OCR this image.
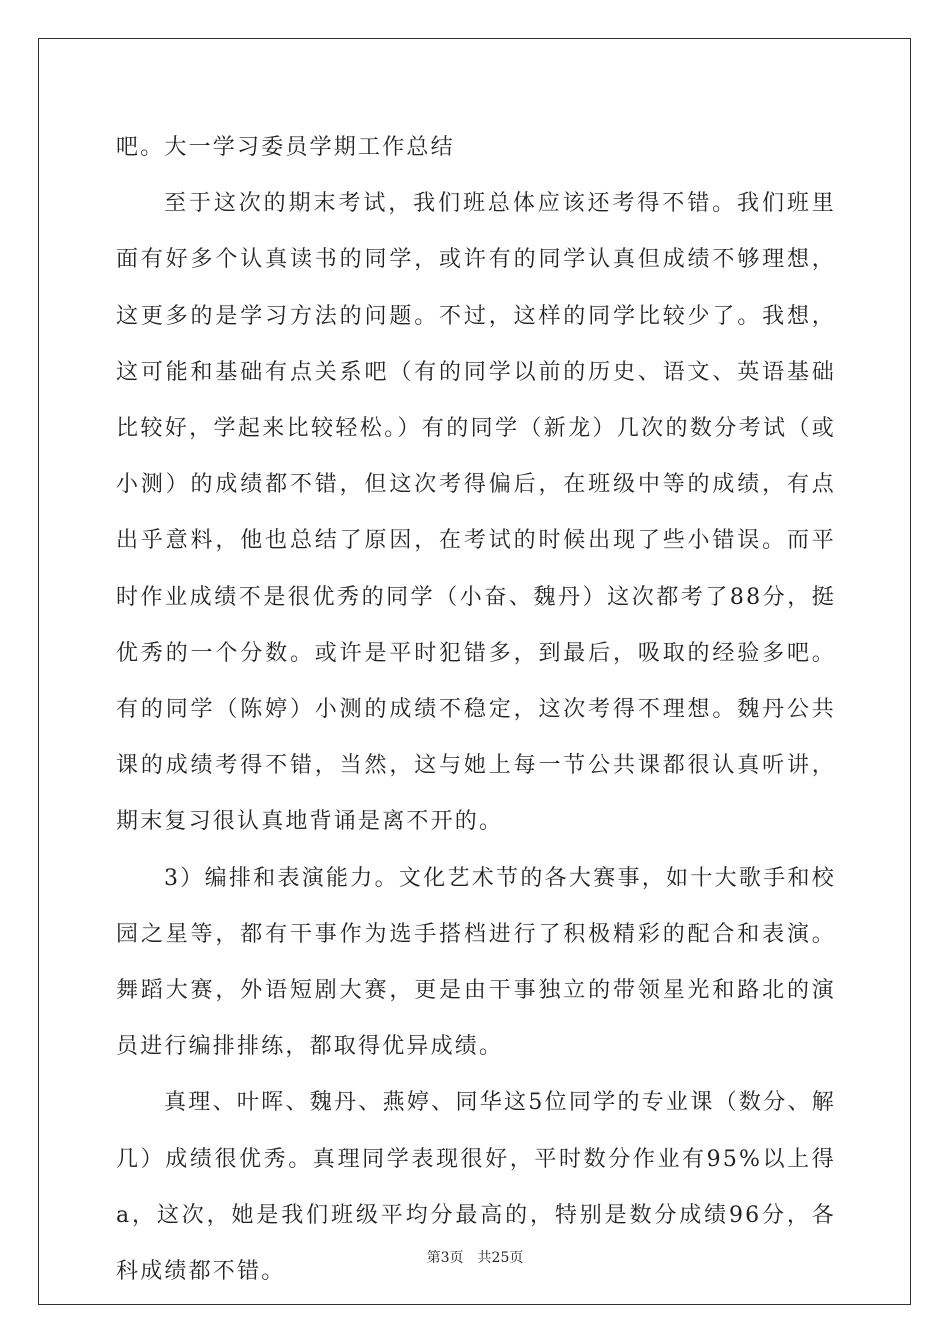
吧。大一学习委员学期工作总结

至于这次的期末考试，我们班总体应该还考得不错。我们班里面有好多个认真读书的同学，或许有的同学认真但成绩不够理想，这更多的是学习方法的问题。不过，这样的同学比较少了。我想，这可能和基础有点关系吧（有的同学以前的历史、语文、英语基础比较好，学起来比较轻松。）有的同学（新龙）几次的数分考试（或小测）的成绩都不错，但这次考得偏后，在班级中等的成绩，有点出乎意料，他也总结了原因，在考试的时候出现了些小错误。而平时作业成绩不是很优秀的同学（小奋、魏丹）这次都考了88分，挺优秀的一个分数。或许是平时犯错多，到最后，吸取的经验多吧。有的同学（陈婷）小测的成绩不稳定，这次考得不理想。魏丹公共课的成绩考得不错，当然，这与她上每一节公共课都很认真听讲，期末复习很认真地背诵是离不开的。

3）编排和表演能力。文化艺术节的各大赛事，如十大歌手和校园之星等，都有干事作为选手搭档进行了积极精彩的配合和表演。舞蹈大赛，外语短剧大赛，更是由干事独立的带领星光和路北的演员进行编排排练，都取得优异成绩。

真理、叶晖、魏丹、燕婷、同华这5位同学的专业课（数分、解几）成绩很优秀。真理同学表现很好，平时数分作业有95%以上得a，这次，她是我们班级平均分最高的，特别是数分成绩96分，各科成绩都不错。

第3页 共25页
